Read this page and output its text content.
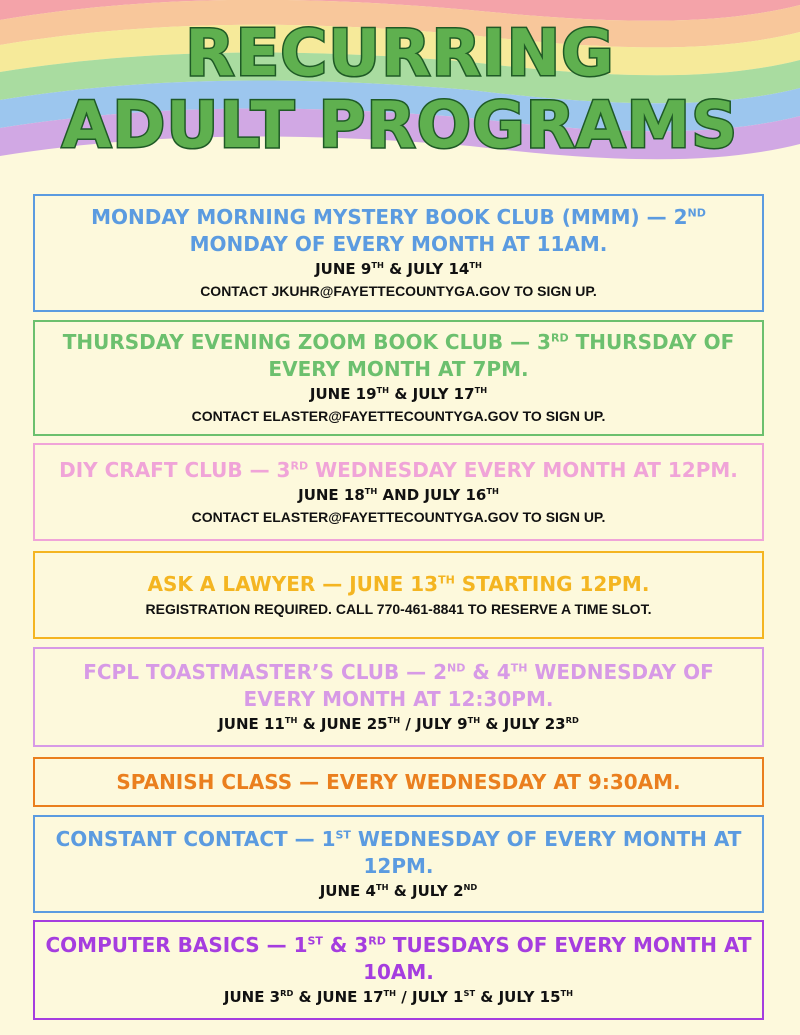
RECURRING
ADULT PROGRAMS
MONDAY MORNING MYSTERY BOOK CLUB (MMM) — 2ND
MONDAY OF EVERY MONTH AT 11AM.
JUNE 9TH & JULY 14TH
CONTACT JKUHR@FAYETTECOUNTYGA.GOV TO SIGN UP.
THURSDAY EVENING ZOOM BOOK CLUB — 3RD THURSDAY OF EVERY MONTH AT 7PM.
JUNE 19TH & JULY 17TH
CONTACT ELASTER@FAYETTECOUNTYGA.GOV TO SIGN UP.
DIY CRAFT CLUB — 3RD WEDNESDAY EVERY MONTH AT 12PM.
JUNE 18TH AND JULY 16TH
CONTACT ELASTER@FAYETTECOUNTYGA.GOV TO SIGN UP.
ASK A LAWYER — JUNE 13TH STARTING 12PM.
REGISTRATION REQUIRED. CALL 770-461-8841 TO RESERVE A TIME SLOT.
FCPL TOASTMASTER’S CLUB — 2ND & 4TH WEDNESDAY OF EVERY MONTH AT 12:30PM.
JUNE 11TH & JUNE 25TH / JULY 9TH & JULY 23RD
SPANISH CLASS — EVERY WEDNESDAY AT 9:30AM.
CONSTANT CONTACT — 1ST WEDNESDAY OF EVERY MONTH AT 12PM.
JUNE 4TH & JULY 2ND
COMPUTER BASICS — 1ST & 3RD TUESDAYS OF EVERY MONTH AT 10AM.
JUNE 3RD & JUNE 17TH / JULY 1ST & JULY 15TH
